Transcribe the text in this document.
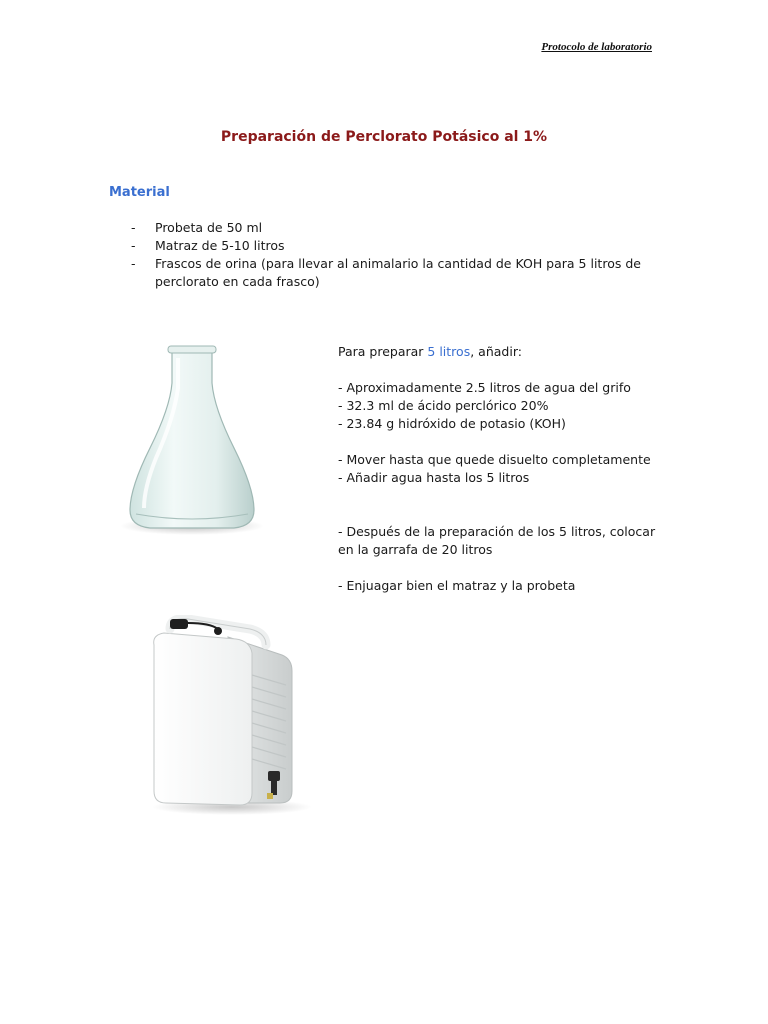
Protocolo de laboratorio
Preparación de Perclorato Potásico al 1%
Material
- Probeta de 50 ml
- Matraz de 5-10 litros
- Frascos de orina (para llevar al animalario la cantidad de KOH para 5 litros de perclorato en cada frasco)
Para preparar 5 litros, añadir:
- Aproximadamente 2.5 litros de agua del grifo
- 32.3 ml de ácido perclórico 20%
- 23.84 g hidróxido de potasio (KOH)
- Mover hasta que quede disuelto completamente
- Añadir agua hasta los 5 litros
- Después de la preparación de los 5 litros, colocar en la garrafa de 20 litros
- Enjuagar bien el matraz y la probeta
